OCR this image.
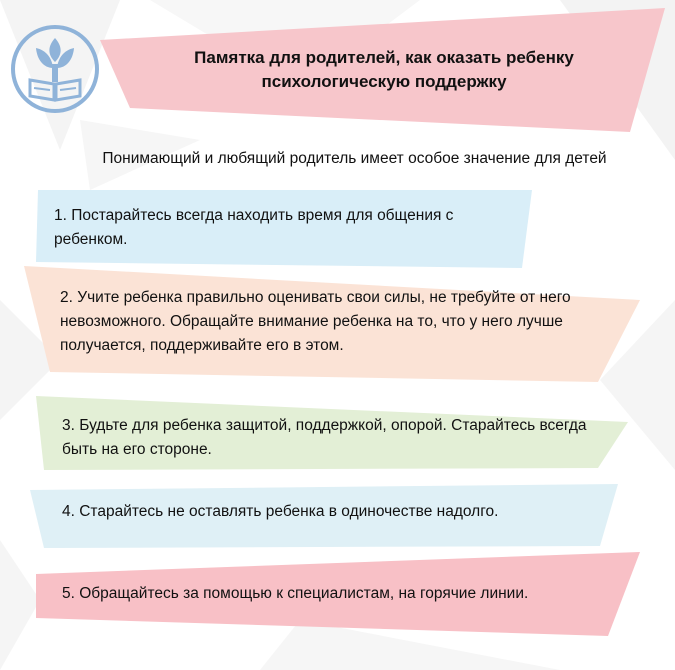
Памятка для родителей, как оказать ребенку
психологическую поддержку
Понимающий и любящий родитель имеет особое значение для детей
1. Постарайтесь всегда находить время для общения с ребенком.
2. Учите ребенка правильно оценивать свои силы, не требуйте от него невозможного. Обращайте внимание ребенка на то, что у него лучше получается, поддерживайте его в этом.
3. Будьте для ребенка защитой, поддержкой, опорой. Старайтесь всегда быть на его стороне.
4. Старайтесь не оставлять ребенка в одиночестве надолго.
5. Обращайтесь за помощью к специалистам, на горячие линии.
